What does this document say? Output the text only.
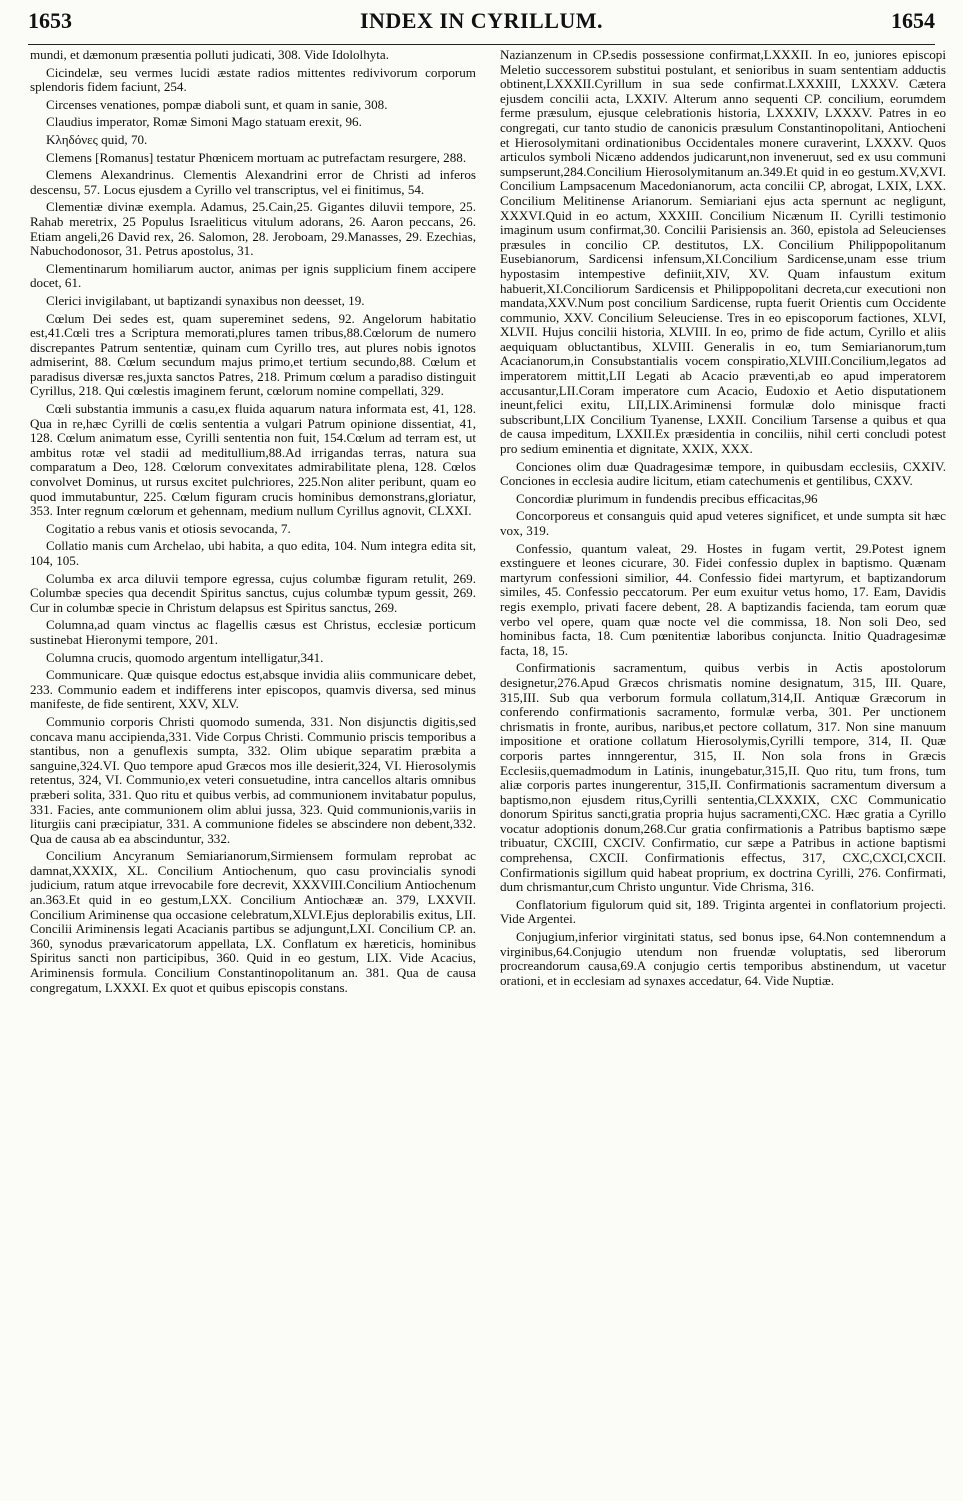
1653	INDEX IN CYRILLUM.	1654

mundi, et dæmonum præsentia polluti judicati, 308. Vide Idololhyta.

Cicindelæ, seu vermes lucidi æstate radios mittentes redivivorum corporum splendoris fidem faciunt, 254.

Circenses venationes, pompæ diaboli sunt, et quam in sanie, 308.

Claudius imperator, Romæ Simoni Mago statuam erexit, 96.

Κληδόνες quid, 70.

Clemens [Romanus] testatur Phœnicem mortuam ac putrefactam resurgere, 288.

Clemens Alexandrinus. Clementis Alexandrini error de Christi ad inferos descensu, 57. Locus ejusdem a Cyrillo vel transcriptus, vel ei finitimus, 54.

Clementiæ divinæ exempla. Adamus, 25.Cain,25. Gigantes diluvii tempore, 25. Rahab meretrix, 25 Populus Israeliticus vitulum adorans, 26. Aaron peccans, 26. Etiam angeli,26 David rex, 26. Salomon, 28. Jeroboam, 29.Manasses, 29. Ezechias, Nabuchodonosor, 31. Petrus apostolus, 31.

Clementinarum homiliarum auctor, animas per ignis supplicium finem accipere docet, 61.

Clerici invigilabant, ut baptizandi synaxibus non deesset, 19.

Cœlum Dei sedes est, quam supereminet sedens, 92. Angelorum habitatio est,41.Cœli tres a Scriptura memorati,plures tamen tribus,88.Cœlorum de numero discrepantes Patrum sententiæ, quinam cum Cyrillo tres, aut plures nobis ignotos admiserint, 88. Cœlum secundum majus primo,et tertium secundo,88. Cœlum et paradisus diversæ res,juxta sanctos Patres, 218. Primum cœlum a paradiso distinguit Cyrillus, 218. Qui cœlestis imaginem ferunt, cœlorum nomine compellati, 329.

Cœli substantia immunis a casu,ex fluida aquarum natura informata est, 41, 128. Qua in re,hæc Cyrilli de cœlis sententia a vulgari Patrum opinione dissentiat, 41, 128. Cœlum animatum esse, Cyrilli sententia non fuit, 154.Cœlum ad terram est, ut ambitus rotæ vel stadii ad meditullium,88.Ad irrigandas terras, natura sua comparatum a Deo, 128. Cœlorum convexitates admirabilitate plena, 128. Cœlos convolvet Dominus, ut rursus excitet pulchriores, 225.Non aliter peribunt, quam eo quod immutabuntur, 225. Cœlum figuram crucis hominibus demonstrans,gloriatur, 353. Inter regnum cœlorum et gehennam, medium nullum Cyrillus agnovit, CLXXI.

Cogitatio a rebus vanis et otiosis sevocanda, 7.

Collatio manis cum Archelao, ubi habita, a quo edita, 104. Num integra edita sit, 104, 105.

Columba ex arca diluvii tempore egressa, cujus columbæ figuram retulit, 269. Columbæ species qua decendit Spiritus sanctus, cujus columbæ typum gessit, 269. Cur in columbæ specie in Christum delapsus est Spiritus sanctus, 269.

Columna,ad quam vinctus ac flagellis cæsus est Christus, ecclesiæ porticum sustinebat Hieronymi tempore, 201.

Columna crucis, quomodo argentum intelligatur,341.

Communicare. Quæ quisque edoctus est,absque invidia aliis communicare debet, 233. Communio eadem et indifferens inter episcopos, quamvis diversa, sed minus manifeste, de fide sentirent, XXV, XLV.

Communio corporis Christi quomodo sumenda, 331. Non disjunctis digitis,sed concava manu accipienda,331. Vide Corpus Christi. Communio priscis temporibus a stantibus, non a genuflexis sumpta, 332. Olim ubique separatim præbita a sanguine,324.VI. Quo tempore apud Græcos mos ille desierit,324, VI. Hierosolymis retentus, 324, VI. Communio,ex veteri consuetudine, intra cancellos altaris omnibus præberi solita, 331. Quo ritu et quibus verbis, ad communionem invitabatur populus, 331. Facies, ante communionem olim ablui jussa, 323. Quid communionis,variis in liturgiis cani præcipiatur, 331. A communione fideles se abscindere non debent,332. Qua de causa ab ea abscinduntur, 332.

Concilium Ancyranum Semiarianorum,Sirmiensem formulam reprobat ac damnat,XXXIX, XL. Concilium Antiochenum, quo casu provincialis synodi judicium, ratum atque irrevocabile fore decrevit, XXXVIII.Concilium Antiochenum an.363.Et quid in eo gestum,LXX. Concilium Antiochææ an. 379, LXXVII. Concilium Ariminense qua occasione celebratum,XLVI.Ejus deplorabilis exitus, LII. Concilii Ariminensis legati Acacianis partibus se adjungunt,LXI. Concilium CP. an. 360, synodus prævaricatorum appellata, LX. Conflatum ex hæreticis, hominibus Spiritus sancti non participibus, 360. Quid in eo gestum, LIX. Vide Acacius, Ariminensis formula. Concilium Constantinopolitanum an. 381. Qua de causa congregatum, LXXXI. Ex quot et quibus episcopis constans.

Nazianzenum in CP.sedis possessione confirmat,LXXXII. In eo, juniores episcopi Meletio successorem substitui postulant, et senioribus in suam sententiam adductis obtinent,LXXXII.Cyrillum in sua sede confirmat.LXXXIII, LXXXV. Cætera ejusdem concilii acta, LXXIV. Alterum anno sequenti CP. concilium, eorumdem ferme præsulum, ejusque celebrationis historia, LXXXIV, LXXXV. Patres in eo congregati, cur tanto studio de canonicis præsulum Constantinopolitani, Antiocheni et Hierosolymitani ordinationibus Occidentales monere curaverint, LXXXV. Quos articulos symboli Nicæno addendos judicarunt,non inveneruut, sed ex usu communi sumpserunt,284.Concilium Hierosolymitanum an.349.Et quid in eo gestum.XV,XVI. Concilium Lampsacenum Macedonianorum, acta concilii CP, abrogat, LXIX, LXX. Concilium Melitinense Arianorum. Semiariani ejus acta spernunt ac negligunt, XXXVI.Quid in eo actum, XXXIII. Concilium Nicænum II. Cyrilli testimonio imaginum usum confirmat,30. Concilii Parisiensis an. 360, epistola ad Seleucienses præsules in concilio CP. destitutos, LX. Concilium Philippopolitanum Eusebianorum, Sardicensi infensum,XI.Concilium Sardicense,unam esse trium hypostasim intempestive definiit,XIV, XV. Quam infaustum exitum habuerit,XI.Conciliorum Sardicensis et Philippopolitani decreta,cur executioni non mandata,XXV.Num post concilium Sardicense, rupta fuerit Orientis cum Occidente communio, XXV. Concilium Seleuciense. Tres in eo episcoporum factiones, XLVI, XLVII. Hujus concilii historia, XLVIII. In eo, primo de fide actum, Cyrillo et aliis aequiquam obluctantibus, XLVIII. Generalis in eo, tum Semiarianorum,tum Acacianorum,in Consubstantialis vocem conspiratio,XLVIII.Concilium,legatos ad imperatorem mittit,LII Legati ab Acacio præventi,ab eo apud imperatorem accusantur,LII.Coram imperatore cum Acacio, Eudoxio et Aetio disputationem ineunt,felici exitu, LII,LIX.Ariminensi formulæ dolo minisque fracti subscribunt,LIX Concilium Tyanense, LXXII. Concilium Tarsense a quibus et qua de causa impeditum, LXXII.Ex præsidentia in conciliis, nihil certi concludi potest pro sedium eminentia et dignitate, XXIX, XXX.

Conciones olim duæ Quadragesimæ tempore, in quibusdam ecclesiis, CXXIV. Conciones in ecclesia audire licitum, etiam catechumenis et gentilibus, CXXV.

Concordiæ plurimum in fundendis precibus efficacitas,96

Concorporeus et consanguis quid apud veteres significet, et unde sumpta sit hæc vox, 319.

Confessio, quantum valeat, 29. Hostes in fugam vertit, 29.Potest ignem exstinguere et leones cicurare, 30. Fidei confessio duplex in baptismo. Quænam martyrum confessioni similior, 44. Confessio fidei martyrum, et baptizandorum similes, 45. Confessio peccatorum. Per eum exuitur vetus homo, 17. Eam, Davidis regis exemplo, privati facere debent, 28. A baptizandis facienda, tam eorum quæ verbo vel opere, quam quæ nocte vel die commissa, 18. Non soli Deo, sed hominibus facta, 18. Cum pœnitentiæ laboribus conjuncta. Initio Quadragesimæ facta, 18, 15.

Confirmationis sacramentum, quibus verbis in Actis apostolorum designetur,276.Apud Græcos chrismatis nomine designatum, 315, III. Quare, 315,III. Sub qua verborum formula collatum,314,II. Antiquæ Græcorum in conferendo confirmationis sacramento, formulæ verba, 301. Per unctionem chrismatis in fronte, auribus, naribus,et pectore collatum, 317. Non sine manuum impositione et oratione collatum Hierosolymis,Cyrilli tempore, 314, II. Quæ corporis partes innngerentur, 315, II. Non sola frons in Græcis Ecclesiis,quemadmodum in Latinis, inungebatur,315,II. Quo ritu, tum frons, tum aliæ corporis partes inungerentur, 315,II. Confirmationis sacramentum diversum a baptismo,non ejusdem ritus,Cyrilli sententia,CLXXXIX, CXC Communicatio donorum Spiritus sancti,gratia propria hujus sacramenti,CXC. Hæc gratia a Cyrillo vocatur adoptionis donum,268.Cur gratia confirmationis a Patribus baptismo sæpe tribuatur, CXCIII, CXCIV. Confirmatio, cur sæpe a Patribus in actione baptismi comprehensa, CXCII. Confirmationis effectus, 317, CXC,CXCI,CXCII. Confirmationis sigillum quid habeat proprium, ex doctrina Cyrilli, 276. Confirmati, dum chrismantur,cum Christo unguntur. Vide Chrisma, 316.

Conflatorium figulorum quid sit, 189. Triginta argentei in conflatorium projecti. Vide Argentei.

Conjugium,inferior virginitati status, sed bonus ipse, 64.Non contemnendum a virginibus,64.Conjugio utendum non fruendæ voluptatis, sed liberorum procreandorum causa,69.A conjugio certis temporibus abstinendum, ut vacetur orationi, et in ecclesiam ad synaxes accedatur, 64. Vide Nuptiæ.
